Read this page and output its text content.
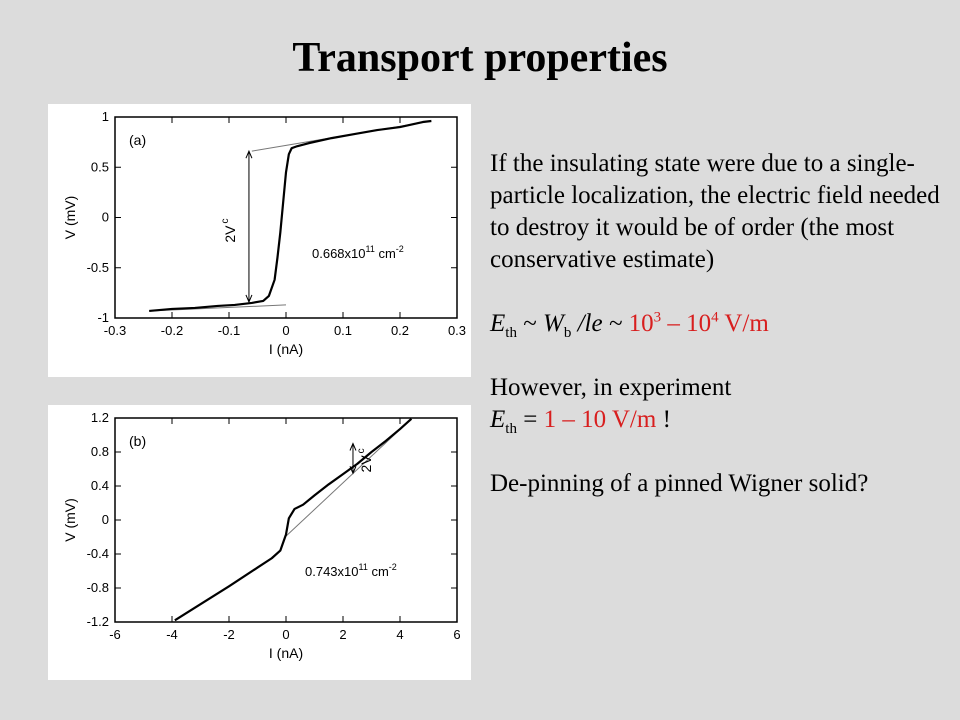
Transport properties
-0.3	-0.2	-0.1	0	0.1	0.2	0.3
-1
-0.5
0
0.5
1
I (nA)
V (mV)
(a)
$2V^c$
$0.668x10^{11}$ $cm^{-2}$
-6	-4	-2	0	2	4	6
-1.2
-0.8
-0.4
0
0.4
0.8
1.2
I (nA)
V (mV)
(b)
$2V^c$
$0.743x10^{11}$ $cm^{-2}$

If the insulating state were due to a single-particle localization, the electric field needed to destroy it would be of order (the most conservative estimate)

$E_{th}$ ~ $W_b$ /le ~ $10^3 - 10^4$ V/m

However, in experiment

$E_{th} = 1 - 10$ V/m !

De-pinning of a pinned Wigner solid?
